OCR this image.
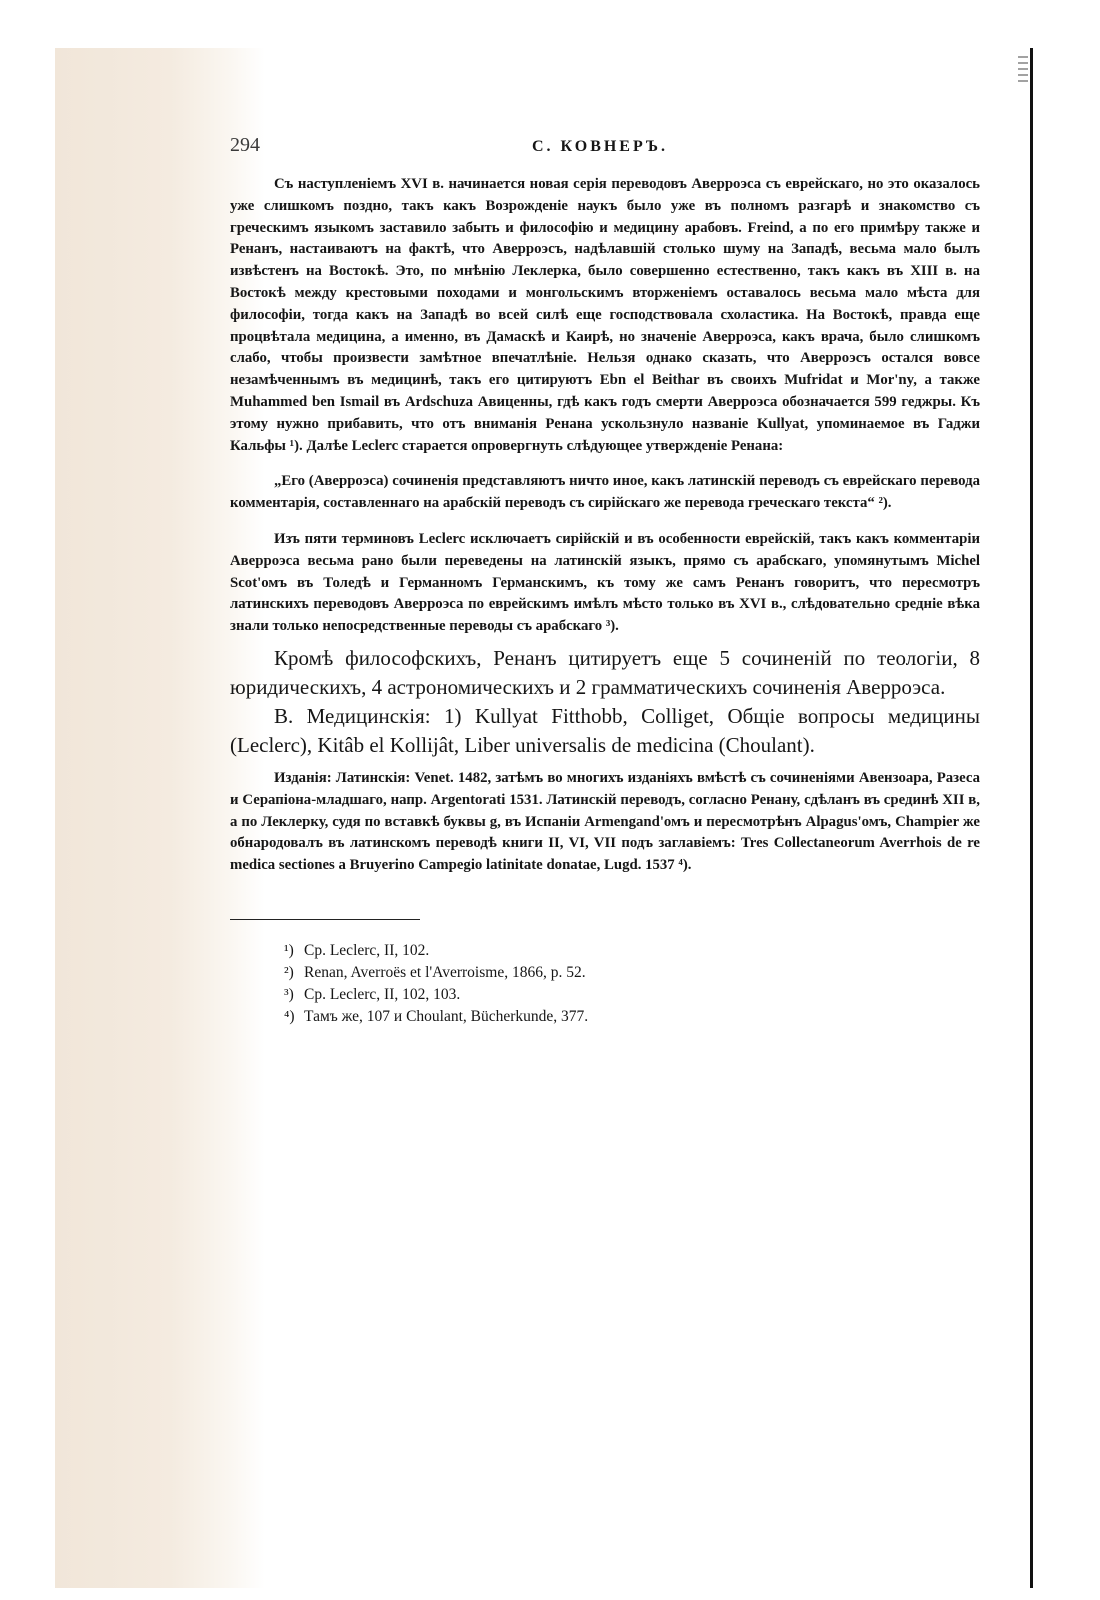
294	С. КОВНЕРЪ.

Съ наступленіемъ XVI в. начинается новая серія переводовъ Аверроэса съ еврейскаго, но это оказалось уже слишкомъ поздно, такъ какъ Возрожденіе наукъ было уже въ полномъ разгарѣ и знакомство съ греческимъ языкомъ заставило забыть и философію и медицину арабовъ. Freind, а по его примѣру также и Ренанъ, настаиваютъ на фактѣ, что Аверроэсъ, надѣлавшій столько шуму на Западѣ, весьма мало былъ извѣстенъ на Востокѣ. Это, по мнѣнію Леклерка, было совершенно естественно, такъ какъ въ XIII в. на Востокѣ между крестовыми походами и монгольскимъ вторженіемъ оставалось весьма мало мѣста для философіи, тогда какъ на Западѣ во всей силѣ еще господствовала схоластика. На Востокѣ, правда еще процвѣтала медицина, а именно, въ Дамаскѣ и Каирѣ, но значеніе Аверроэса, какъ врача, было слишкомъ слабо, чтобы произвести замѣтное впечатлѣніе. Нельзя однако сказать, что Аверроэсъ остался вовсе незамѣченнымъ въ медицинѣ, такъ его цитируютъ Ebn el Beithar въ своихъ Mufridat и Mor'ny, а также Muhammed ben Ismail въ Ardschuza Авиценны, гдѣ какъ годъ смерти Аверроэса обозначается 599 геджры. Къ этому нужно прибавить, что отъ вниманія Ренана ускользнуло названіе Kullyat, упоминаемое въ Гаджи Кальфы ¹). Далѣе Leclerc старается опровергнуть слѣдующее утвержденіе Ренана:

„Его (Аверроэса) сочиненія представляютъ ничто иное, какъ латинскій переводъ съ еврейскаго перевода комментарія, составленнаго на арабскій переводъ съ сирійскаго же перевода греческаго текста“ ²).

Изъ пяти терминовъ Leclerc исключаетъ сирійскій и въ особенности еврейскій, такъ какъ комментаріи Аверроэса весьма рано были переведены на латинскій языкъ, прямо съ арабскаго, упомянутымъ Michel Scot'омъ въ Толедѣ и Германномъ Германскимъ, къ тому же самъ Ренанъ говоритъ, что пересмотръ латинскихъ переводовъ Аверроэса по еврейскимъ имѣлъ мѣсто только въ XVI в., слѣдовательно средніе вѣка знали только непосредственные переводы съ арабскаго ³).

Кромѣ философскихъ, Ренанъ цитируетъ еще 5 сочиненій по теологіи, 8 юридическихъ, 4 астрономическихъ и 2 грамматическихъ сочиненія Аверроэса.

B. Медицинскія: 1) Kullyat Fitthobb, Colliget, Общіе вопросы медицины (Leclerc), Kitâb el Kollijât, Liber universalis de medicina (Choulant).

Изданія: Латинскія: Venet. 1482, затѣмъ во многихъ изданіяхъ вмѣстѣ съ сочиненіями Авензоара, Разеса и Серапіона-младшаго, напр. Argentorati 1531. Латинскій переводъ, согласно Ренану, сдѣланъ въ срединѣ XII в, а по Леклерку, судя по вставкѣ буквы g, въ Испаніи Armengand'омъ и пересмотрѣнъ Alpagus'омъ, Champier же обнародовалъ въ латинскомъ переводѣ книги II, VI, VII подъ заглавіемъ: Tres Collectaneorum Averrhois de re medica sectiones a Bruyerino Campegio latinitate donatae, Lugd. 1537 ⁴).

¹) Ср. Leclerc, II, 102.
²) Renan, Averroës et l'Averroisme, 1866, p. 52.
³) Ср. Leclerc, II, 102, 103.
⁴) Тамъ же, 107 и Choulant, Bücherkunde, 377.
